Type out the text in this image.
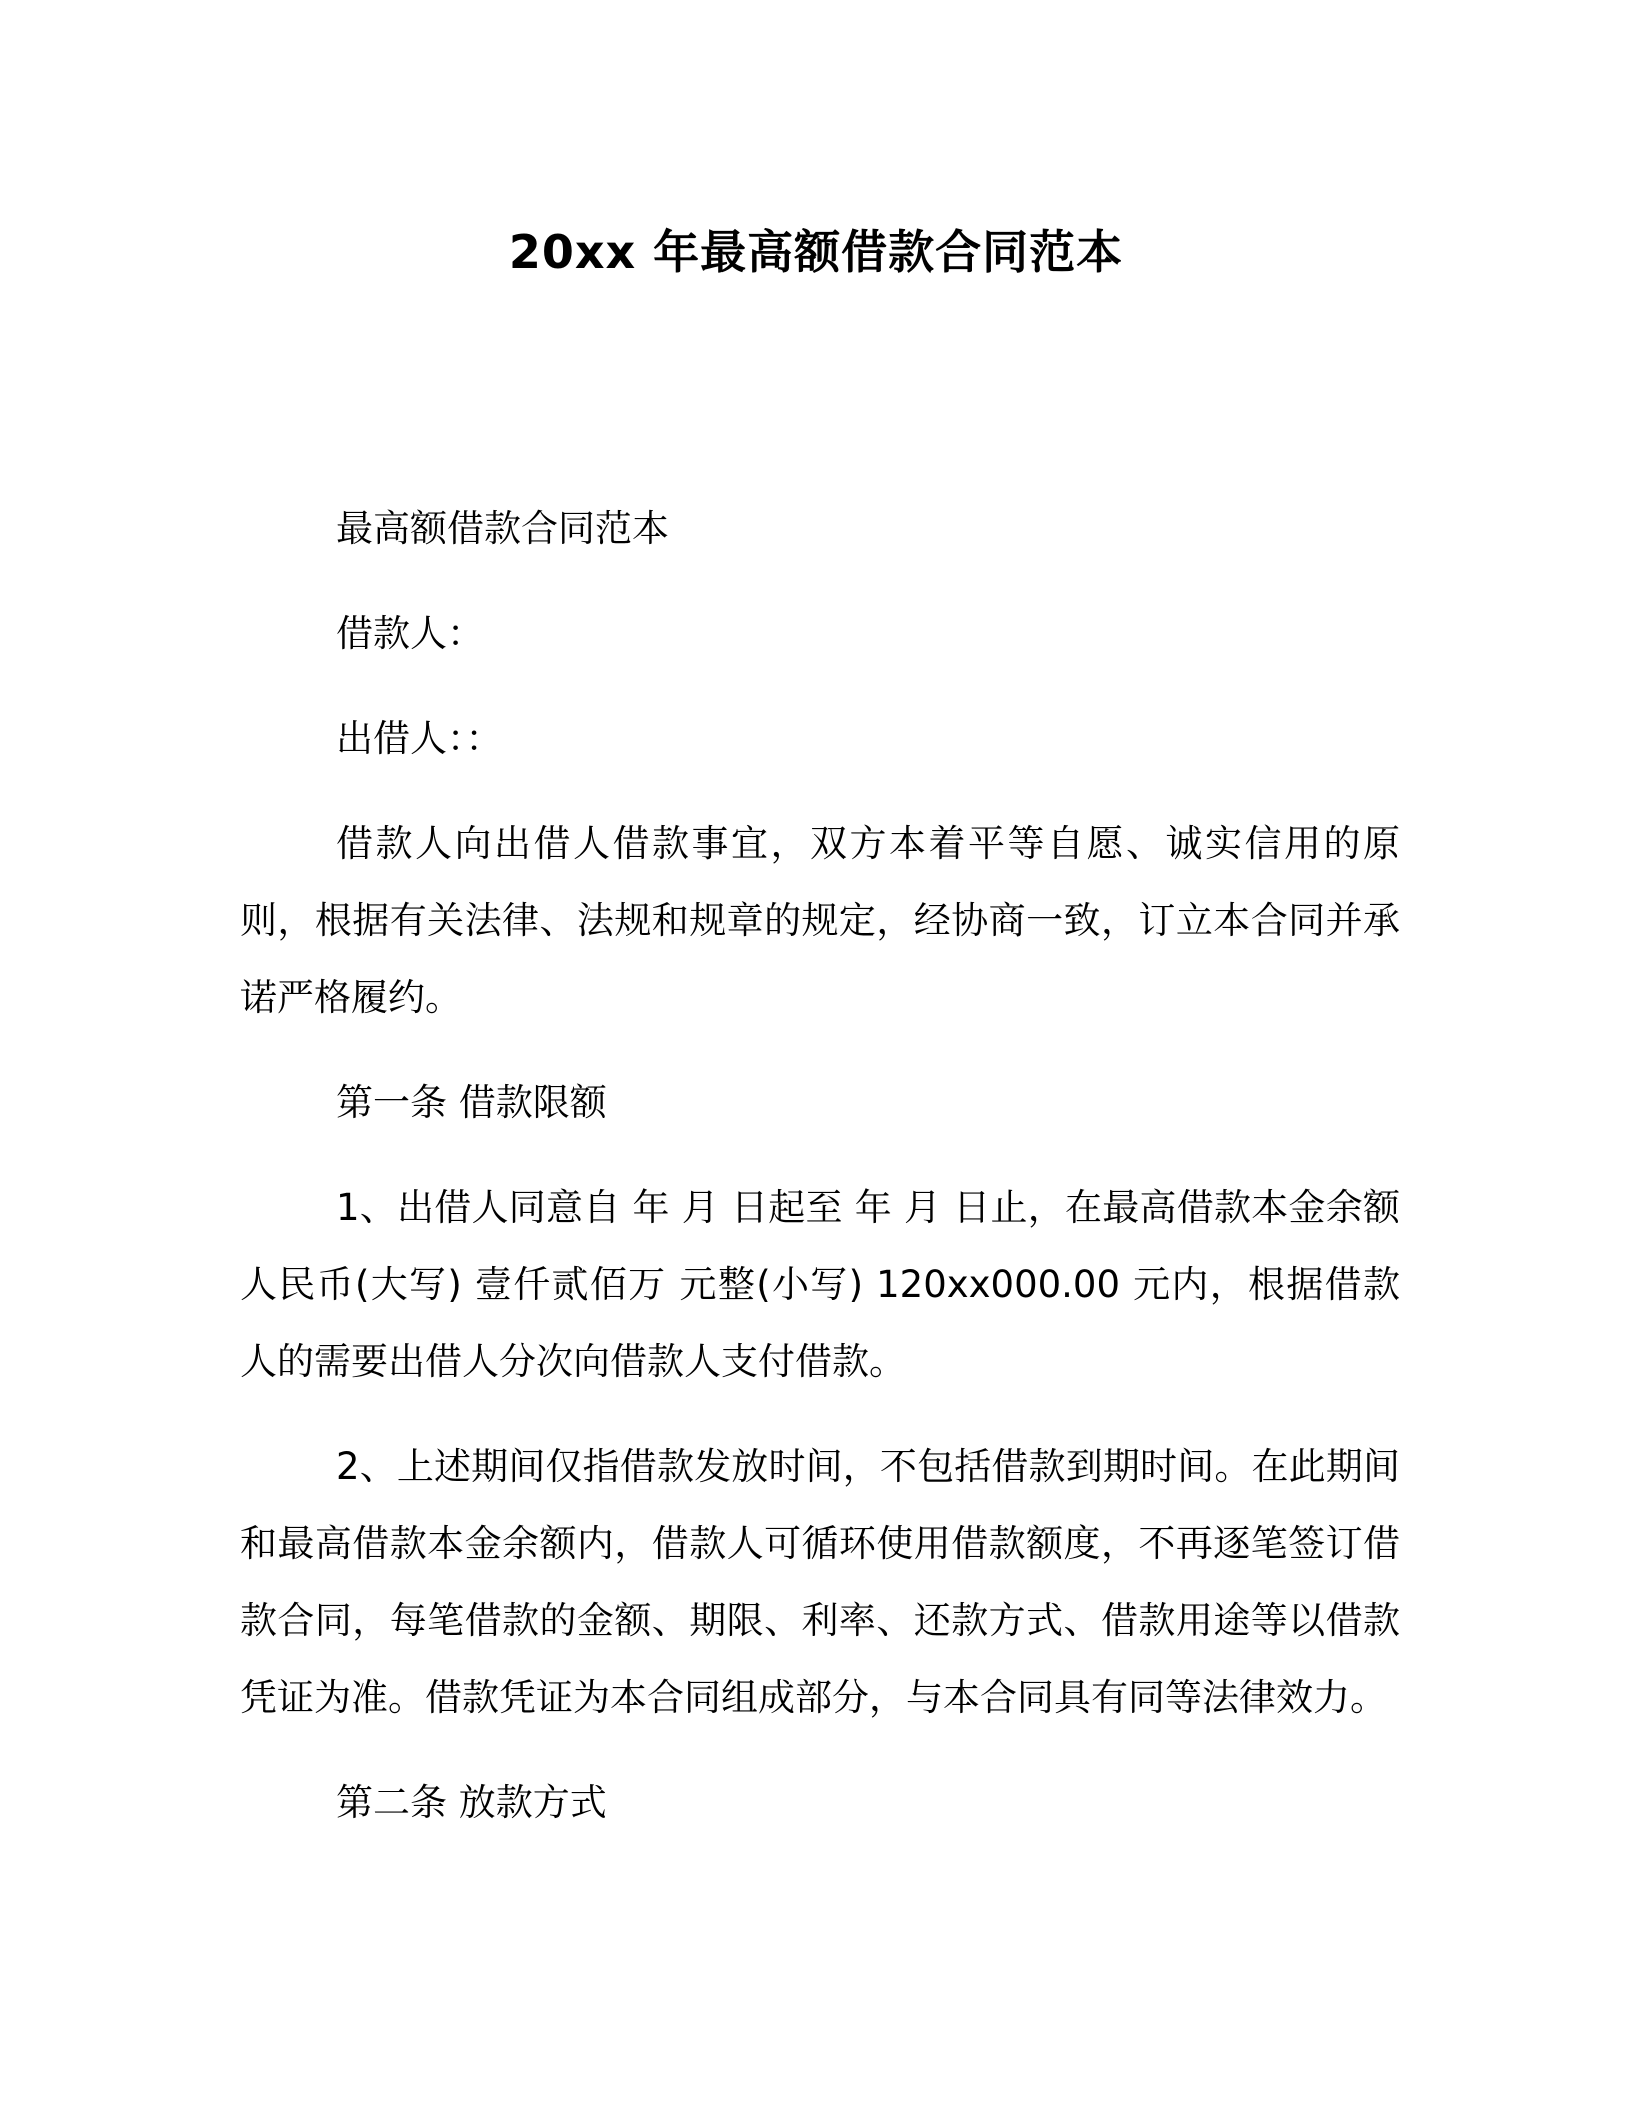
20xx 年最高额借款合同范本

最高额借款合同范本

借款人：

出借人：：

借款人向出借人借款事宜，双方本着平等自愿、诚实信用的原则，根据有关法律、法规和规章的规定，经协商一致，订立本合同并承诺严格履约。

第一条 借款限额

1、出借人同意自 年 月 日起至 年 月 日止，在最高借款本金余额人民币(大写) 壹仟贰佰万 元整(小写) 120xx000.00 元内，根据借款人的需要出借人分次向借款人支付借款。

2、上述期间仅指借款发放时间，不包括借款到期时间。在此期间和最高借款本金余额内，借款人可循环使用借款额度，不再逐笔签订借款合同，每笔借款的金额、期限、利率、还款方式、借款用途等以借款凭证为准。借款凭证为本合同组成部分，与本合同具有同等法律效力。

第二条 放款方式
